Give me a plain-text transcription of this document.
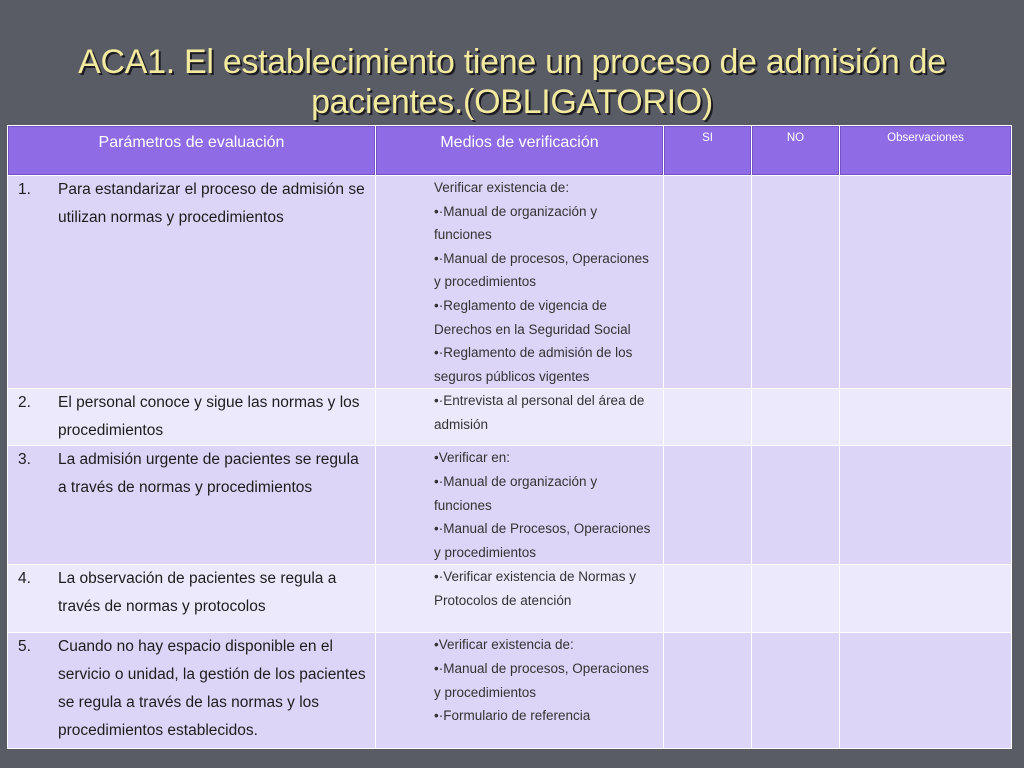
ACA1. El establecimiento tiene un proceso de admisión de pacientes.(OBLIGATORIO)
Parámetros de evaluación	Medios de verificación	SI	NO	Observaciones

1. Para estandarizar el proceso de admisión se utilizan normas y procedimientos	Verificar existencia de:
•·Manual de organización y funciones
•·Manual de procesos, Operaciones y procedimientos
•·Reglamento de vigencia de Derechos en la Seguridad Social
•·Reglamento de admisión de los seguros públicos vigentes			

2. El personal conoce y sigue las normas y los procedimientos	•·Entrevista al personal del área de admisión			

3. La admisión urgente de pacientes se regula a través de normas y procedimientos	•Verificar en:
•·Manual de organización y funciones
•·Manual de Procesos, Operaciones y procedimientos			

4. La observación de pacientes se regula a través de normas y protocolos	•·Verificar existencia de Normas y Protocolos de atención			

5. Cuando no hay espacio disponible en el servicio o unidad, la gestión de los pacientes se regula a través de las normas y los procedimientos establecidos.	•Verificar existencia de:
•·Manual de procesos, Operaciones y procedimientos
•·Formulario de referencia			
